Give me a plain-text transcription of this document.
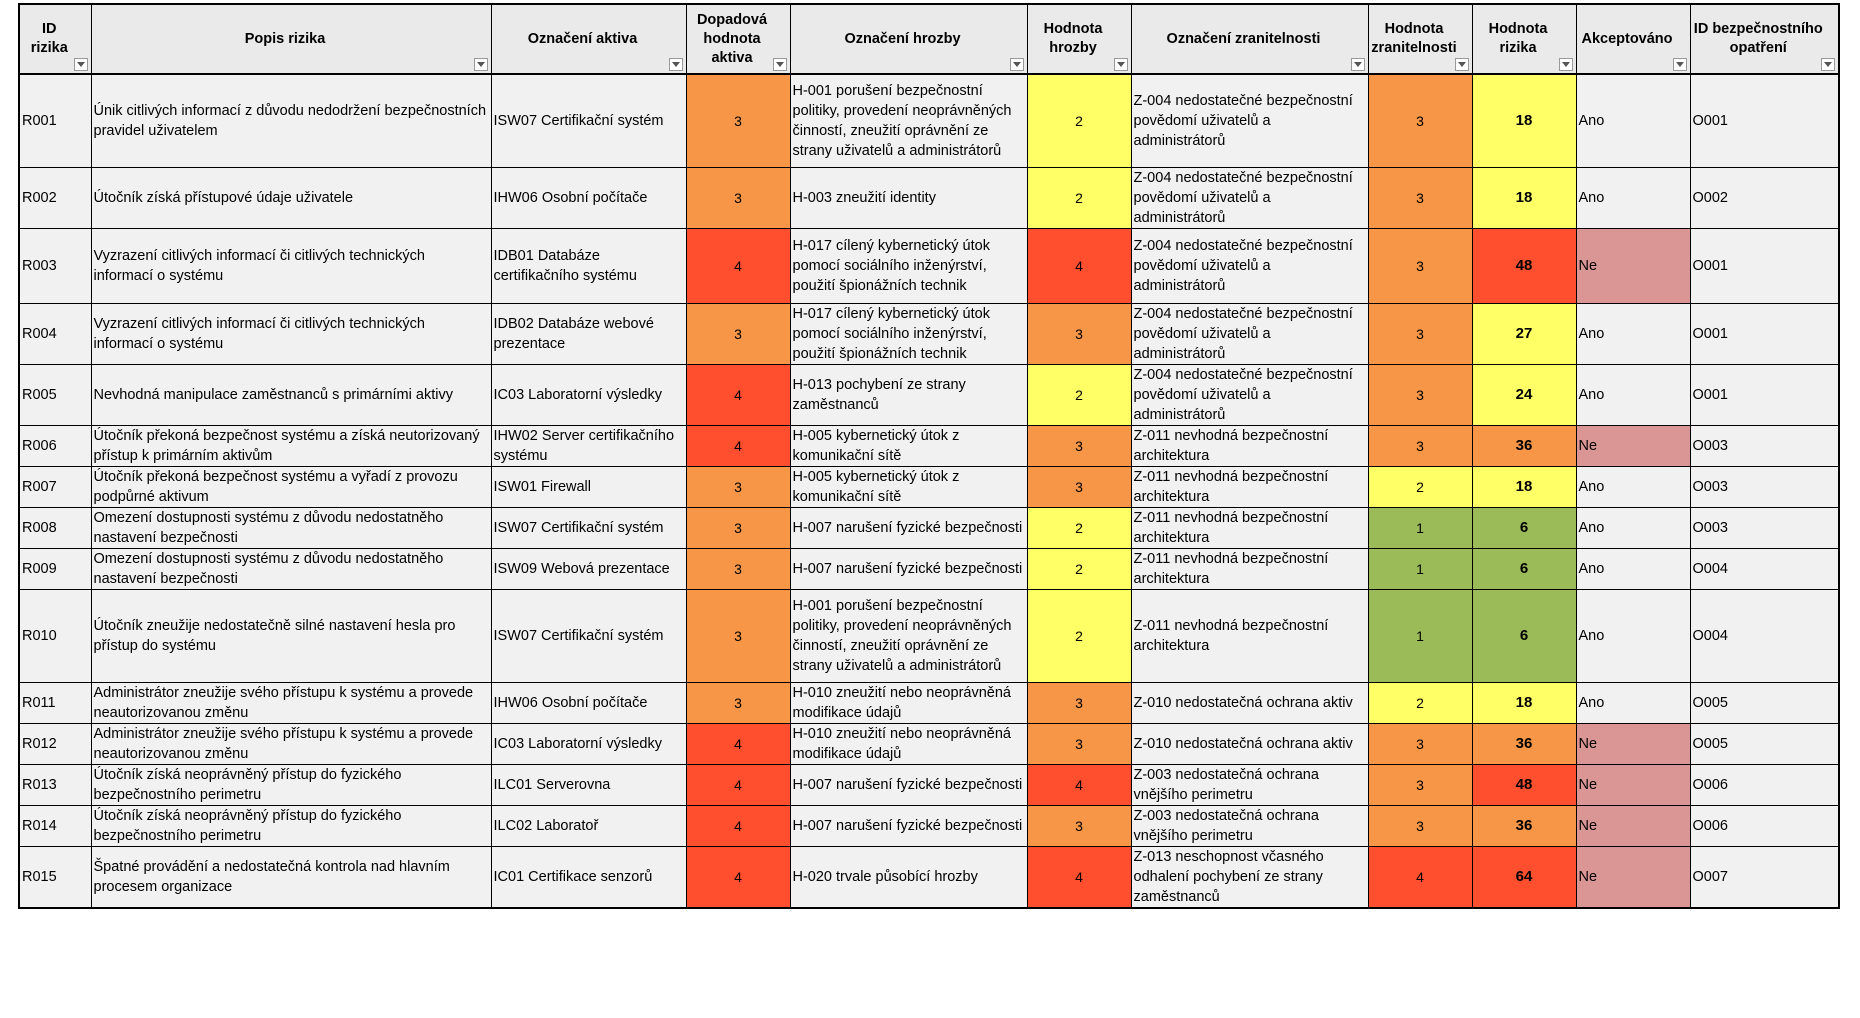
ID rizika	Popis rizika	Označení aktiva	Dopadová hodnota aktiva	Označení hrozby	Hodnota hrozby	Označení zranitelnosti	Hodnota zranitelnosti	Hodnota rizika	Akceptováno	ID bezpečnostního opatření

R001	Únik citlivých informací z důvodu nedodržení bezpečnostních pravidel uživatelem	ISW07 Certifikační systém	3	H-001 porušení bezpečnostní politiky, provedení neoprávněných činností, zneužití oprávnění ze strany uživatelů a administrátorů	2	Z-004 nedostatečné bezpečnostní povědomí uživatelů a administrátorů	3	18	Ano	O001
R002	Útočník získá přístupové údaje uživatele	IHW06 Osobní počítače	3	H-003 zneužití identity	2	Z-004 nedostatečné bezpečnostní povědomí uživatelů a administrátorů	3	18	Ano	O002
R003	Vyzrazení citlivých informací či citlivých technických informací o systému	IDB01 Databáze certifikačního systému	4	H-017 cílený kybernetický útok pomocí sociálního inženýrství, použití špionážních technik	4	Z-004 nedostatečné bezpečnostní povědomí uživatelů a administrátorů	3	48	Ne	O001
R004	Vyzrazení citlivých informací či citlivých technických informací o systému	IDB02 Databáze webové prezentace	3	H-017 cílený kybernetický útok pomocí sociálního inženýrství, použití špionážních technik	3	Z-004 nedostatečné bezpečnostní povědomí uživatelů a administrátorů	3	27	Ano	O001
R005	Nevhodná manipulace zaměstnanců s primárními aktivy	IC03 Laboratorní výsledky	4	H-013 pochybení ze strany zaměstnanců	2	Z-004 nedostatečné bezpečnostní povědomí uživatelů a administrátorů	3	24	Ano	O001
R006	Útočník překoná bezpečnost systému a získá neutorizovaný přístup k primárním aktivům	IHW02 Server certifikačního systému	4	H-005 kybernetický útok z komunikační sítě	3	Z-011 nevhodná bezpečnostní architektura	3	36	Ne	O003
R007	Útočník překoná bezpečnost systému a vyřadí z provozu podpůrné aktivum	ISW01 Firewall	3	H-005 kybernetický útok z komunikační sítě	3	Z-011 nevhodná bezpečnostní architektura	2	18	Ano	O003
R008	Omezení dostupnosti systému z důvodu nedostatněho nastavení bezpečnosti	ISW07 Certifikační systém	3	H-007 narušení fyzické bezpečnosti	2	Z-011 nevhodná bezpečnostní architektura	1	6	Ano	O003
R009	Omezení dostupnosti systému z důvodu nedostatněho nastavení bezpečnosti	ISW09 Webová prezentace	3	H-007 narušení fyzické bezpečnosti	2	Z-011 nevhodná bezpečnostní architektura	1	6	Ano	O004
R010	Útočník zneužije nedostatečně silné nastavení hesla pro přístup do systému	ISW07 Certifikační systém	3	H-001 porušení bezpečnostní politiky, provedení neoprávněných činností, zneužití oprávnění ze strany uživatelů a administrátorů	2	Z-011 nevhodná bezpečnostní architektura	1	6	Ano	O004
R011	Administrátor zneužije svého přístupu k systému a provede neautorizovanou změnu	IHW06 Osobní počítače	3	H-010 zneužití nebo neoprávněná modifikace údajů	3	Z-010 nedostatečná ochrana aktiv	2	18	Ano	O005
R012	Administrátor zneužije svého přístupu k systému a provede neautorizovanou změnu	IC03 Laboratorní výsledky	4	H-010 zneužití nebo neoprávněná modifikace údajů	3	Z-010 nedostatečná ochrana aktiv	3	36	Ne	O005
R013	Útočník získá neoprávněný přístup do fyzického bezpečnostního perimetru	ILC01 Serverovna	4	H-007 narušení fyzické bezpečnosti	4	Z-003 nedostatečná ochrana vnějšího perimetru	3	48	Ne	O006
R014	Útočník získá neoprávněný přístup do fyzického bezpečnostního perimetru	ILC02 Laboratoř	4	H-007 narušení fyzické bezpečnosti	3	Z-003 nedostatečná ochrana vnějšího perimetru	3	36	Ne	O006
R015	Špatné provádění a nedostatečná kontrola nad hlavním procesem organizace	IC01 Certifikace senzorů	4	H-020 trvale působící hrozby	4	Z-013 neschopnost včasného odhalení pochybení ze strany zaměstnanců	4	64	Ne	O007
